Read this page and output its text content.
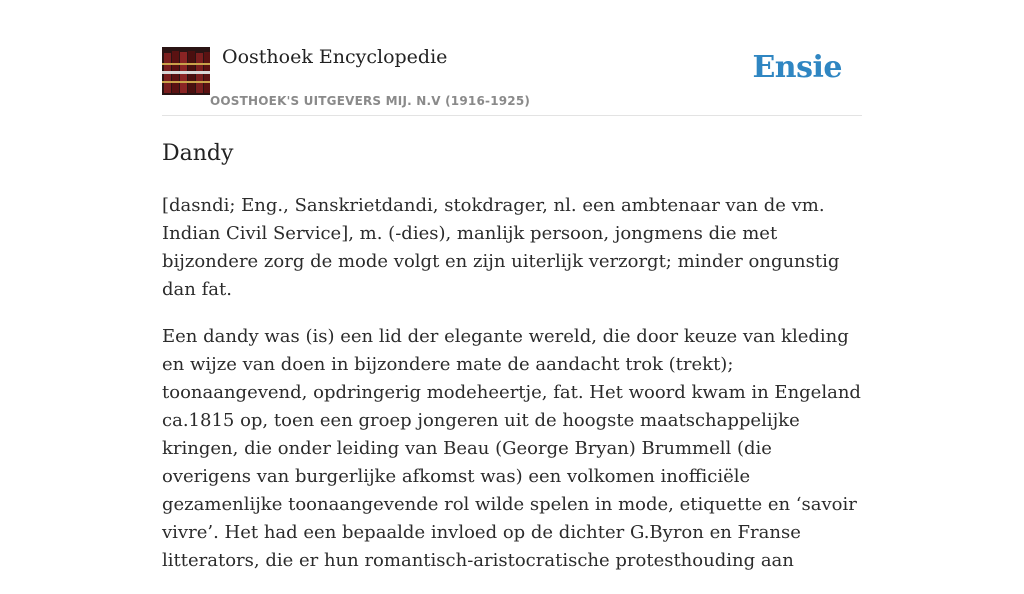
Oosthoek Encyclopedie
OOSTHOEK'S UITGEVERS MIJ. N.V (1916-1925)
Ensie
Dandy

[dasndi; Eng., Sanskrietdandi, stokdrager, nl. een ambtenaar van de vm. Indian Civil Service], m. (-dies), manlijk persoon, jongmens die met bijzondere zorg de mode volgt en zijn uiterlijk verzorgt; minder ongunstig dan fat.

Een dandy was (is) een lid der elegante wereld, die door keuze van kleding en wijze van doen in bijzondere mate de aandacht trok (trekt); toonaangevend, opdringerig modeheertje, fat. Het woord kwam in Engeland ca.1815 op, toen een groep jongeren uit de hoogste maatschappelijke kringen, die onder leiding van Beau (George Bryan) Brummell (die overigens van burgerlijke afkomst was) een volkomen inofficiële gezamenlijke toonaangevende rol wilde spelen in mode, etiquette en ‘savoir vivre’. Het had een bepaalde invloed op de dichter G.Byron en Franse litterators, die er hun romantisch-aristocratische protesthouding aan
